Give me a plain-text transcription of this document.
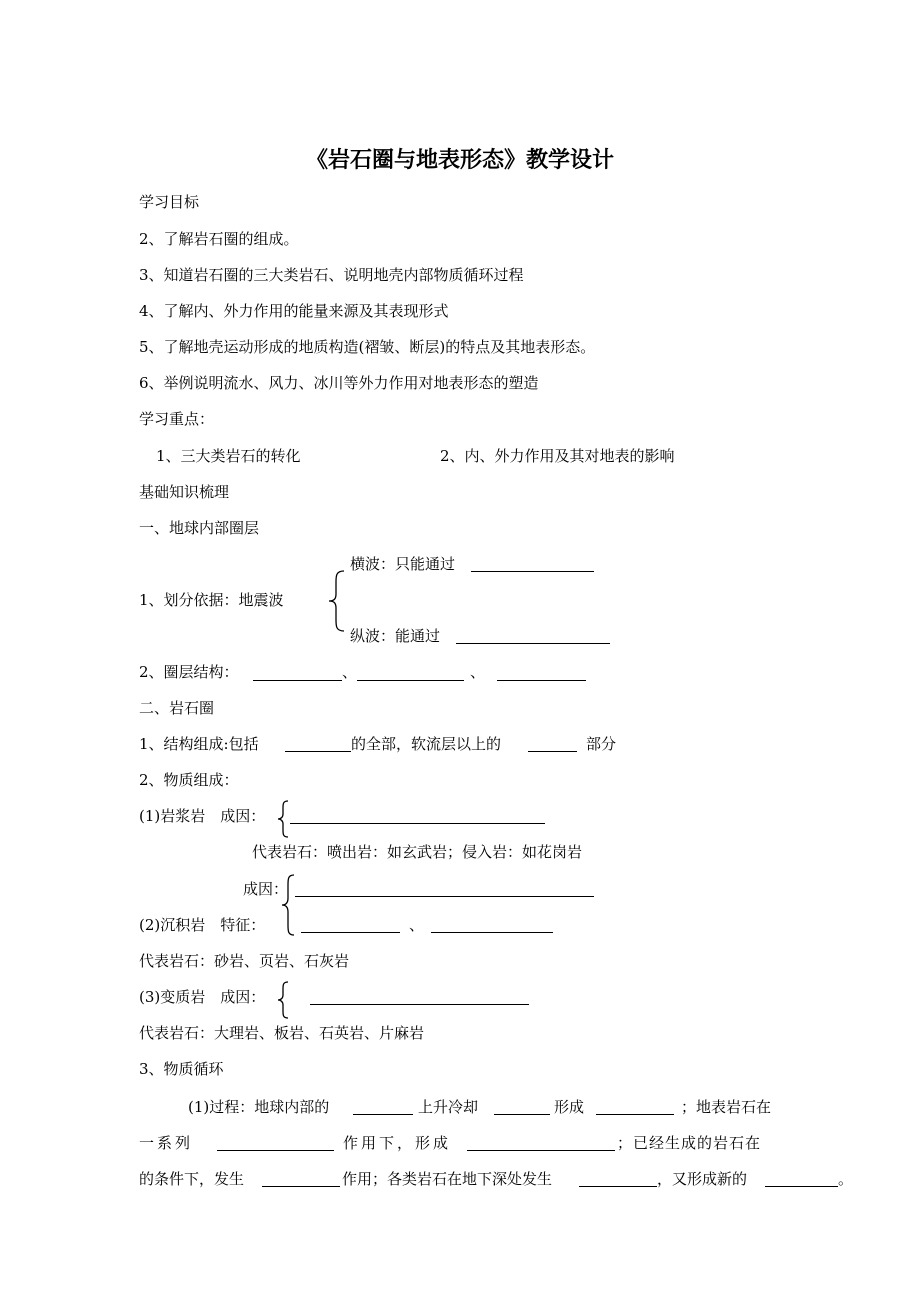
《岩石圈与地表形态》教学设计
学习目标
2、了解岩石圈的组成。
3、知道岩石圈的三大类岩石、说明地壳内部物质循环过程
4、了解内、外力作用的能量来源及其表现形式
5、了解地壳运动形成的地质构造(褶皱、断层)的特点及其地表形态。
6、举例说明流水、风力、冰川等外力作用对地表形态的塑造
学习重点：
1、三大类岩石的转化	2、内、外力作用及其对地表的影响
基础知识梳理
一、地球内部圈层
横波：只能通过
1、划分依据：地震波
纵波：能通过
2、圈层结构：	、	、
二、岩石圈
1、结构组成:包括	的全部，软流层以上的	部分
2、物质组成：
(1)岩浆岩　成因：
代表岩石：喷出岩：如玄武岩；侵入岩：如花岗岩
成因：
(2)沉积岩　特征：	、
代表岩石：砂岩、页岩、石灰岩
(3)变质岩　成因：
代表岩石：大理岩、板岩、石英岩、片麻岩
3、物质循环
(1)过程：地球内部的	上升冷却	形成	；地表岩石在
一系列	作用下，形成	；已经生成的岩石在
的条件下，发生	作用；各类岩石在地下深处发生	，又形成新的	。
